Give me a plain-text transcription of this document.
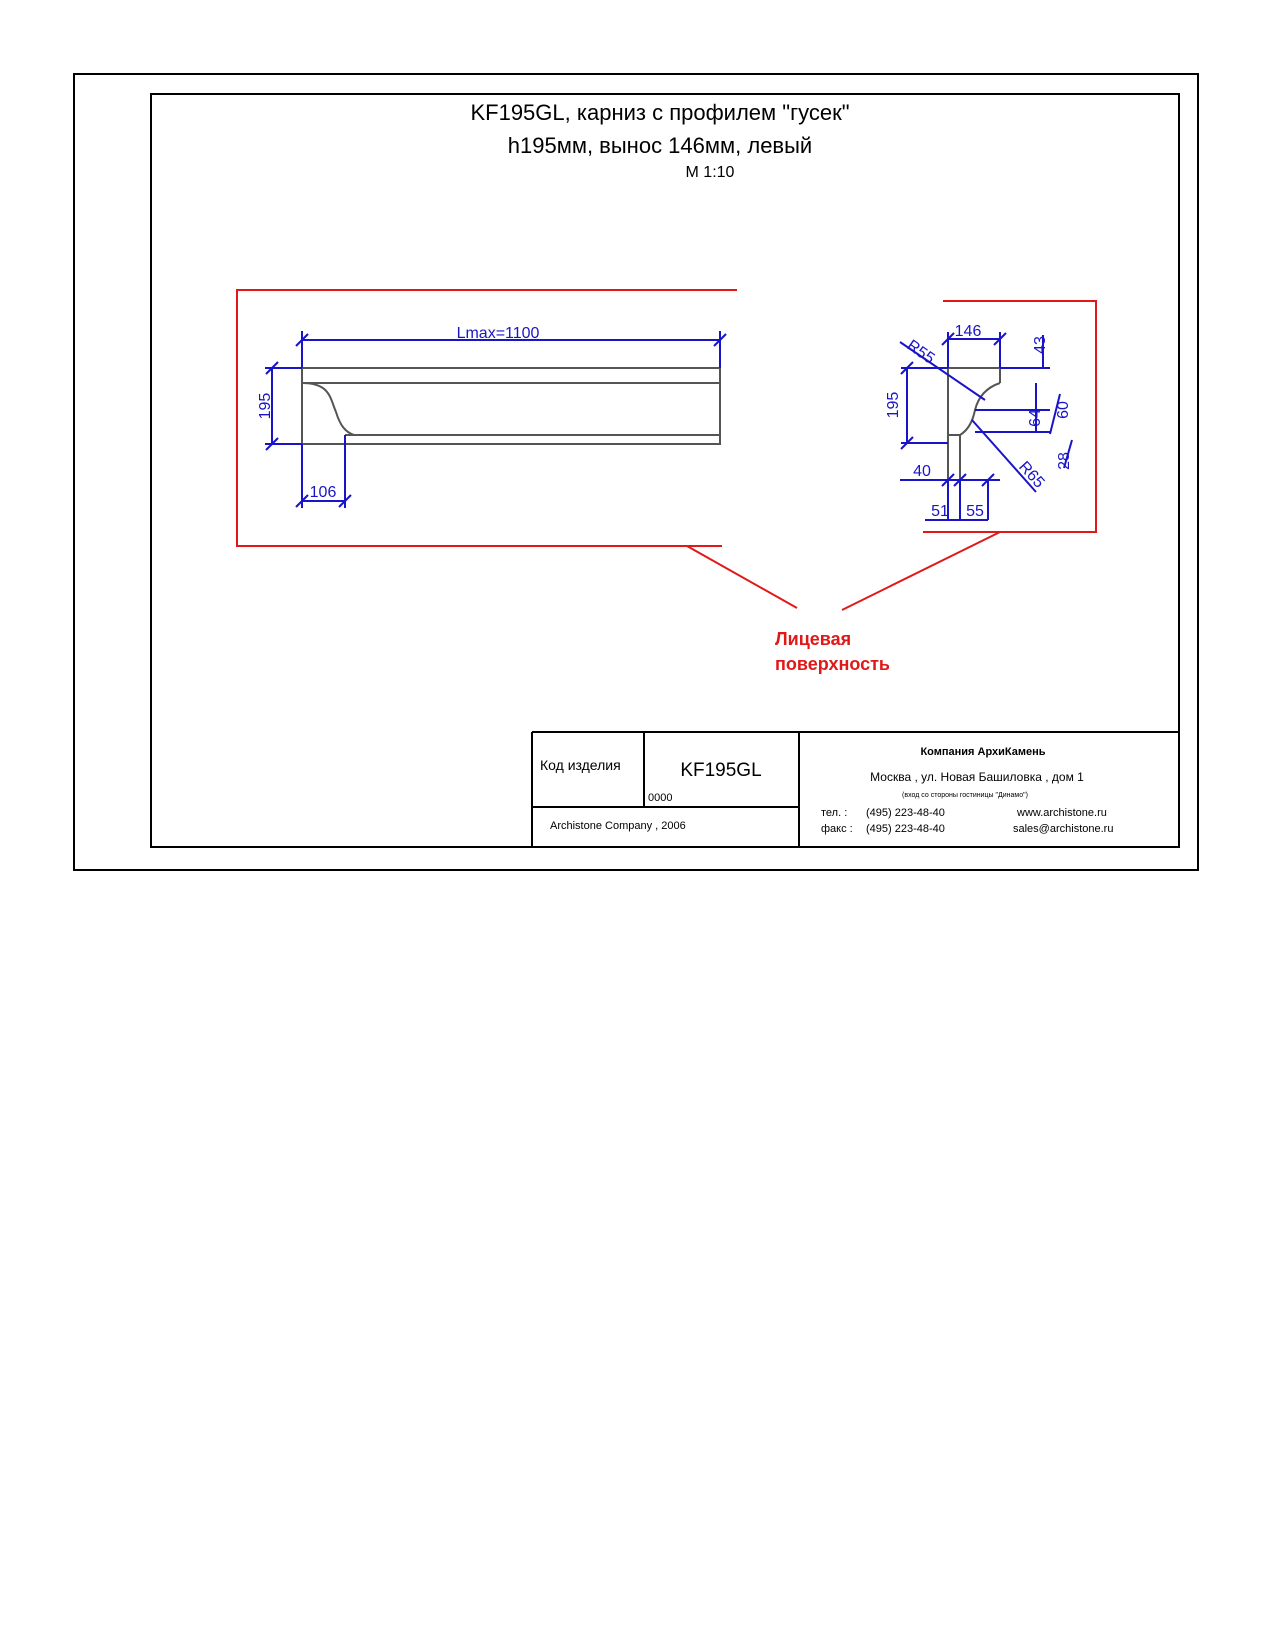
KF195GL, карниз с профилем "гусек"
h195мм, вынос 146мм, левый
М 1:10
Lmax=1100
195
106
146
43
195
R55
R65
64 60
28
40
51 55
Лицевая
поверхность
Код изделия	KF195GL
0000
Archistone Company , 2006
Компания АрхиКамень
Москва , ул. Новая Башиловка , дом 1
(вход со стороны гостиницы "Динамо")
тел. : (495) 223-48-40
факс : (495) 223-48-40
www.archistone.ru
sales@archistone.ru
